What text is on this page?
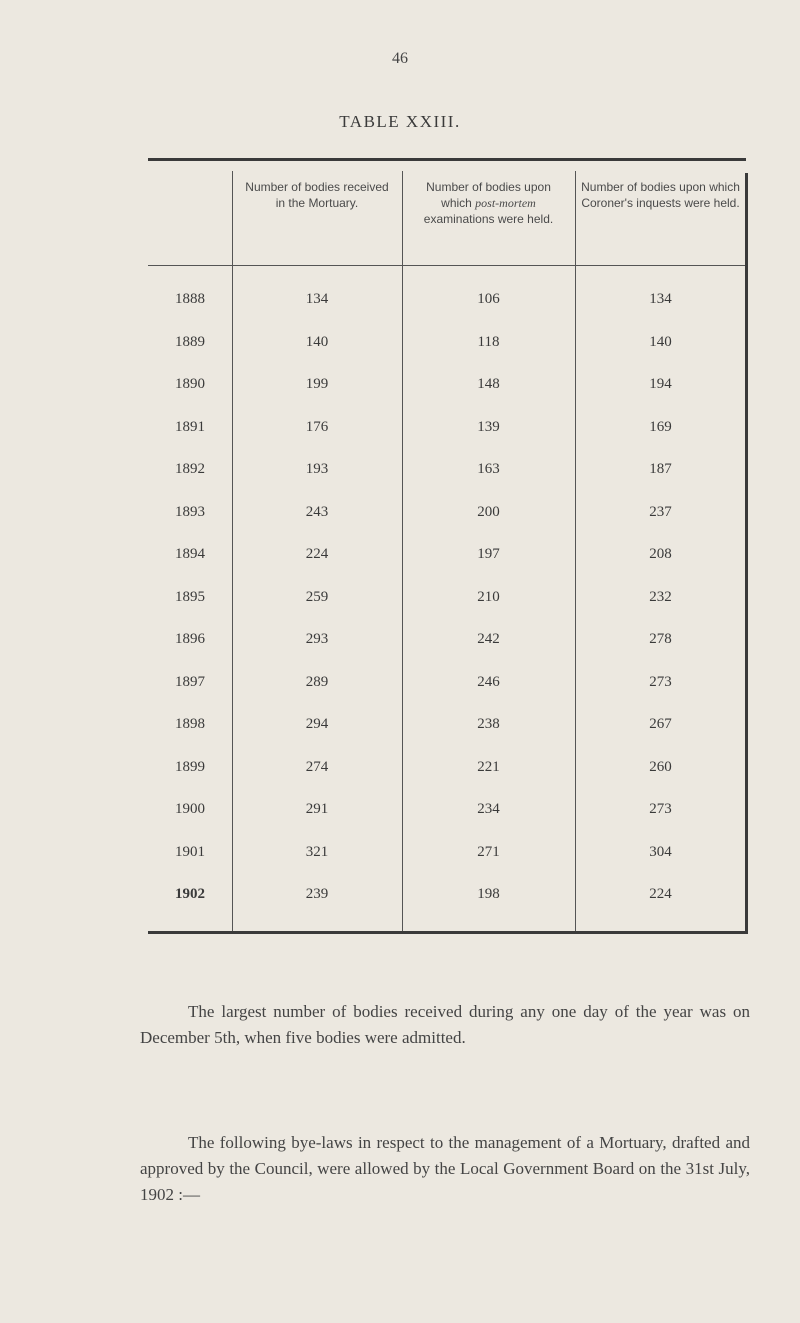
46
TABLE XXIII.
Number of bodies received in the Mortuary.
Number of bodies upon which post-mortem examinations were held.
Number of bodies upon which Coroner's inquests were held.
1888	134	106	134
1889	140	118	140
1890	199	148	194
1891	176	139	169
1892	193	163	187
1893	243	200	237
1894	224	197	208
1895	259	210	232
1896	293	242	278
1897	289	246	273
1898	294	238	267
1899	274	221	260
1900	291	234	273
1901	321	271	304
1902	239	198	224

The largest number of bodies received during any one day of the year was on December 5th, when five bodies were admitted.

The following bye-laws in respect to the management of a Mortuary, drafted and approved by the Council, were allowed by the Local Government Board on the 31st July, 1902 :—
